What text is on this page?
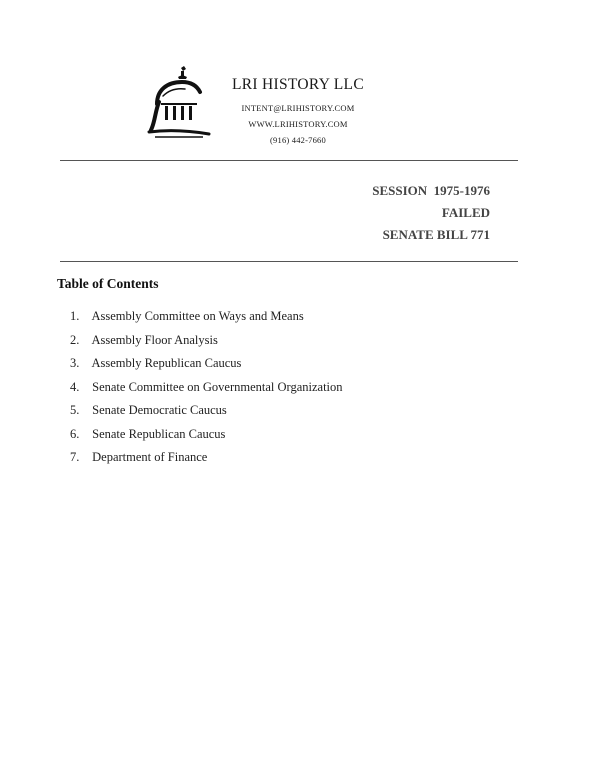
LRI HISTORY LLC
INTENT@LRIHISTORY.COM
WWW.LRIHISTORY.COM
(916) 442-7660
SESSION  1975-1976
FAILED
SENATE BILL 771
Table of Contents
1. Assembly Committee on Ways and Means
2. Assembly Floor Analysis
3. Assembly Republican Caucus
4. Senate Committee on Governmental Organization
5. Senate Democratic Caucus
6. Senate Republican Caucus
7. Department of Finance
